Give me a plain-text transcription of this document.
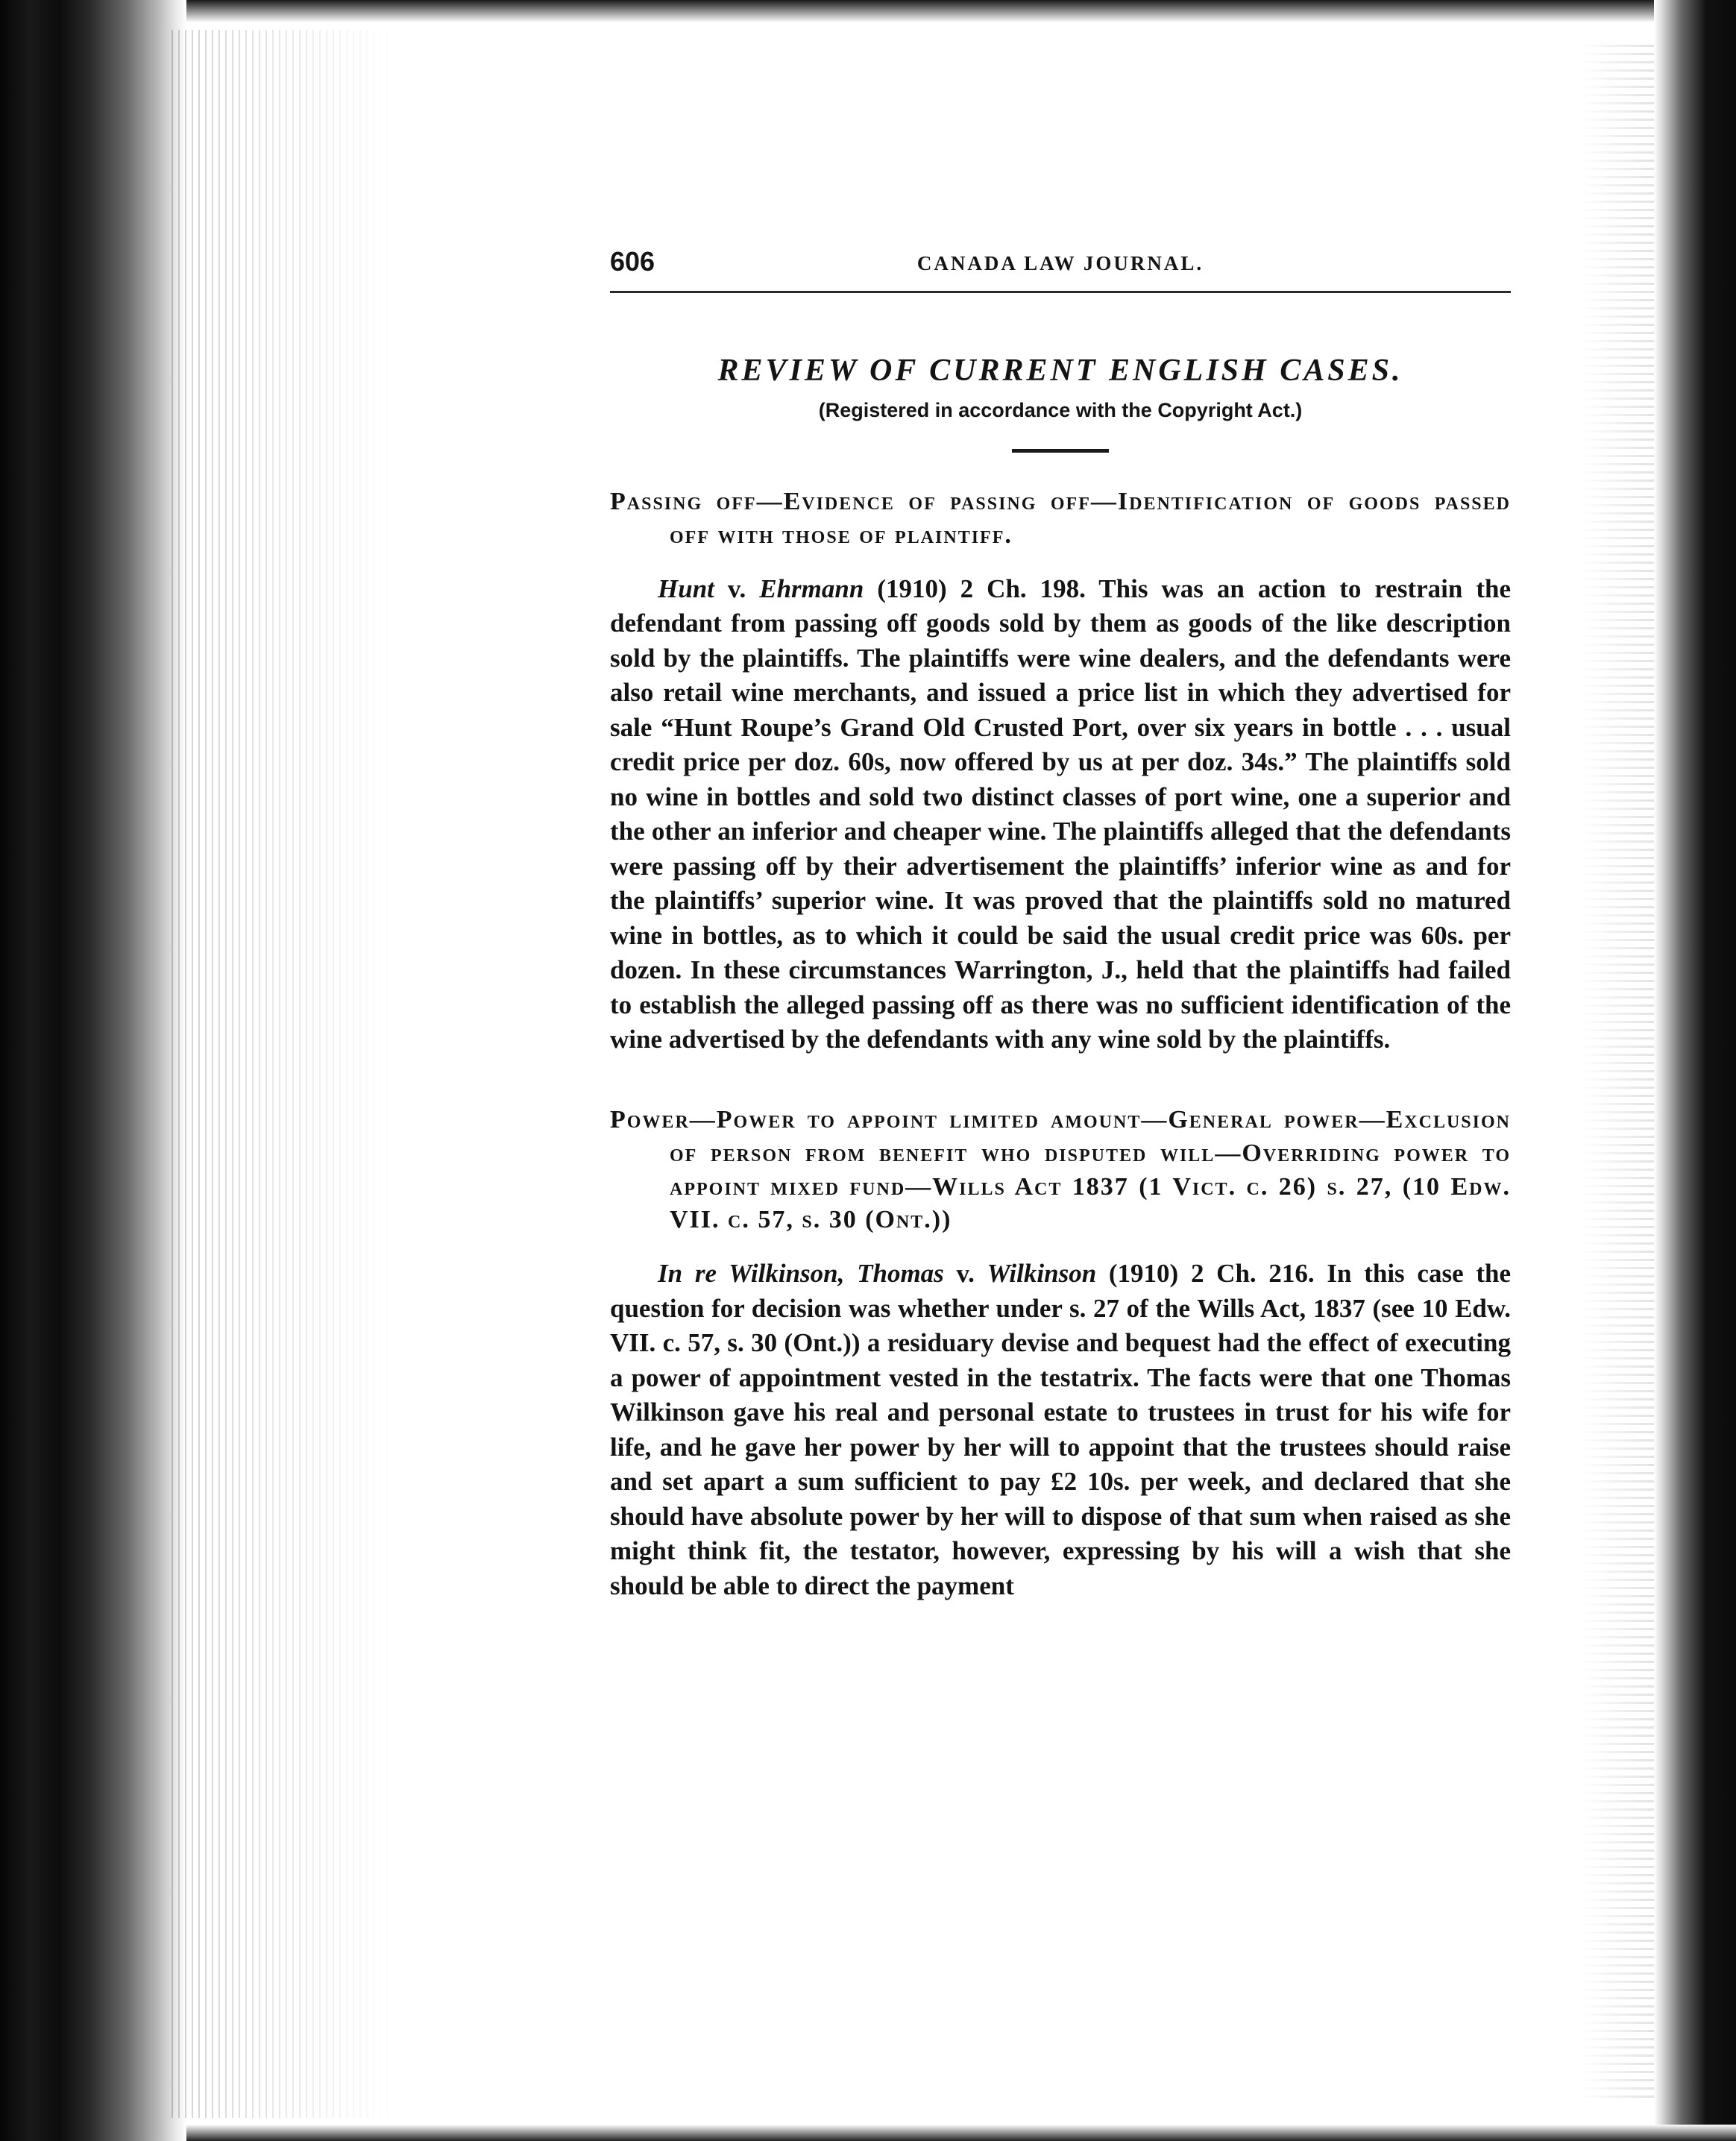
606	CANADA LAW JOURNAL.
REVIEW OF CURRENT ENGLISH CASES.
(Registered in accordance with the Copyright Act.)
Passing off—Evidence of passing off—Identification of goods passed off with those of plaintiff.

Hunt v. Ehrmann (1910) 2 Ch. 198. This was an action to restrain the defendant from passing off goods sold by them as goods of the like description sold by the plaintiffs. The plaintiffs were wine dealers, and the defendants were also retail wine merchants, and issued a price list in which they advertised for sale “Hunt Roupe’s Grand Old Crusted Port, over six years in bottle . . . usual credit price per doz. 60s, now offered by us at per doz. 34s.” The plaintiffs sold no wine in bottles and sold two distinct classes of port wine, one a superior and the other an inferior and cheaper wine. The plaintiffs alleged that the defendants were passing off by their advertisement the plaintiffs’ inferior wine as and for the plaintiffs’ superior wine. It was proved that the plaintiffs sold no matured wine in bottles, as to which it could be said the usual credit price was 60s. per dozen. In these circumstances Warrington, J., held that the plaintiffs had failed to establish the alleged passing off as there was no sufficient identification of the wine advertised by the defendants with any wine sold by the plaintiffs.

Power—Power to appoint limited amount—General power—Exclusion of person from benefit who disputed will—Overriding power to appoint mixed fund—Wills Act 1837 (1 Vict. c. 26) s. 27, (10 Edw. VII. c. 57, s. 30 (Ont.))

In re Wilkinson, Thomas v. Wilkinson (1910) 2 Ch. 216. In this case the question for decision was whether under s. 27 of the Wills Act, 1837 (see 10 Edw. VII. c. 57, s. 30 (Ont.)) a residuary devise and bequest had the effect of executing a power of appointment vested in the testatrix. The facts were that one Thomas Wilkinson gave his real and personal estate to trustees in trust for his wife for life, and he gave her power by her will to appoint that the trustees should raise and set apart a sum sufficient to pay £2 10s. per week, and declared that she should have absolute power by her will to dispose of that sum when raised as she might think fit, the testator, however, expressing by his will a wish that she should be able to direct the payment
